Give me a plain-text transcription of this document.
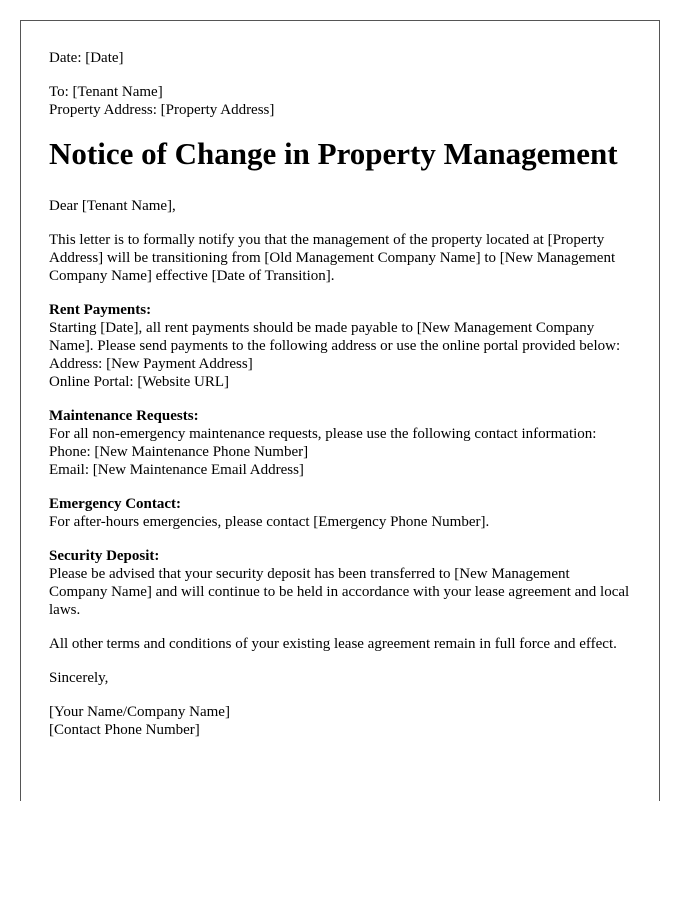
Date: [Date]

To: [Tenant Name]
Property Address: [Property Address]

Notice of Change in Property Management

Dear [Tenant Name],

This letter is to formally notify you that the management of the property located at [Property Address] will be transitioning from [Old Management Company Name] to [New Management Company Name] effective [Date of Transition].

Rent Payments:
Starting [Date], all rent payments should be made payable to [New Management Company Name]. Please send payments to the following address or use the online portal provided below:
Address: [New Payment Address]
Online Portal: [Website URL]

Maintenance Requests:
For all non-emergency maintenance requests, please use the following contact information:
Phone: [New Maintenance Phone Number]
Email: [New Maintenance Email Address]

Emergency Contact:
For after-hours emergencies, please contact [Emergency Phone Number].

Security Deposit:
Please be advised that your security deposit has been transferred to [New Management Company Name] and will continue to be held in accordance with your lease agreement and local laws.

All other terms and conditions of your existing lease agreement remain in full force and effect.

Sincerely,

[Your Name/Company Name]
[Contact Phone Number]
